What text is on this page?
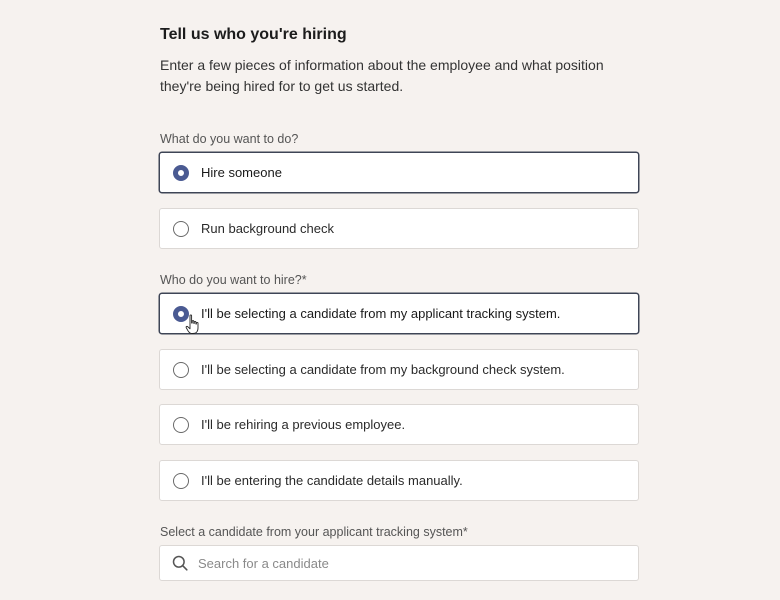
Tell us who you're hiring

Enter a few pieces of information about the employee and what position they're being hired for to get us started.

What do you want to do?
Hire someone
Run background check
Who do you want to hire?*
I'll be selecting a candidate from my applicant tracking system.
I'll be selecting a candidate from my background check system.
I'll be rehiring a previous employee.
I'll be entering the candidate details manually.
Select a candidate from your applicant tracking system*
Search for a candidate
